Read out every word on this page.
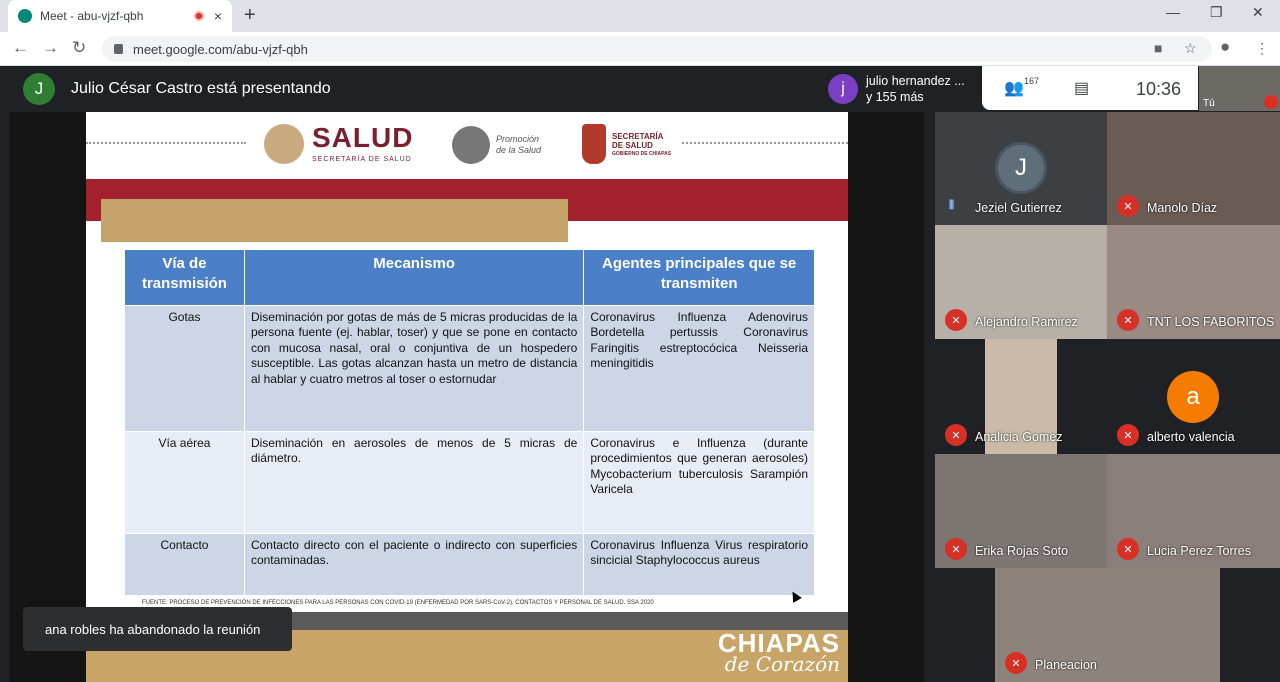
Meet - abu-vjzf-qbh	× +	— ❐ ✕
← → ↻	meet.google.com/abu-vjzf-qbh	■ ☆ ● ⋮
J	Julio César Castro está presentando	j	julio hernandez ...
y 155 más	👥 167 ▤	10:36
Tú
SALUD
SECRETARÍA DE SALUD
Promoción
de la Salud
SECRETARÍA
DE SALUD
GOBIERNO DE CHIAPAS
Vía de transmisión	Mecanismo	Agentes principales que se transmiten
Gotas	Diseminación por gotas de más de 5 micras producidas de la persona fuente (ej. hablar, toser) y que se pone en contacto con mucosa nasal, oral o conjuntiva de un hospedero susceptible. Las gotas alcanzan hasta un metro de distancia al hablar y cuatro metros al toser o estornudar	Coronavirus Influenza Adenovirus Bordetella pertussis Coronavirus Faringitis estreptocócica Neisseria meningitidis
Vía aérea	Diseminación en aerosoles de menos de 5 micras de diámetro.	Coronavirus e Influenza (durante procedimientos que generan aerosoles) Mycobacterium tuberculosis Sarampión Varicela
Contacto	Contacto directo con el paciente o indirecto con superficies contaminadas.	Coronavirus Influenza Virus respiratorio sincicial Staphylococcus aureus
FUENTE: PROCESO DE PREVENCIÓN DE INFECCIONES PARA LAS PERSONAS CON COVID-19 (ENFERMEDAD POR SARS-CoV-2). CONTACTOS Y PERSONAL DE SALUD. SSA 2020
CHIAPAS
de Corazón
ana robles ha abandonado la reunión
J
⫴ Jeziel Gutierrez	✕	Manolo Díaz
✕	Alejandro Ramirez	✕	TNT LOS FABORITOS
✕	Analicia Gomez
a
✕	alberto valencia
✕	Erika Rojas Soto	✕	Lucia Perez Torres
✕	Planeacion
